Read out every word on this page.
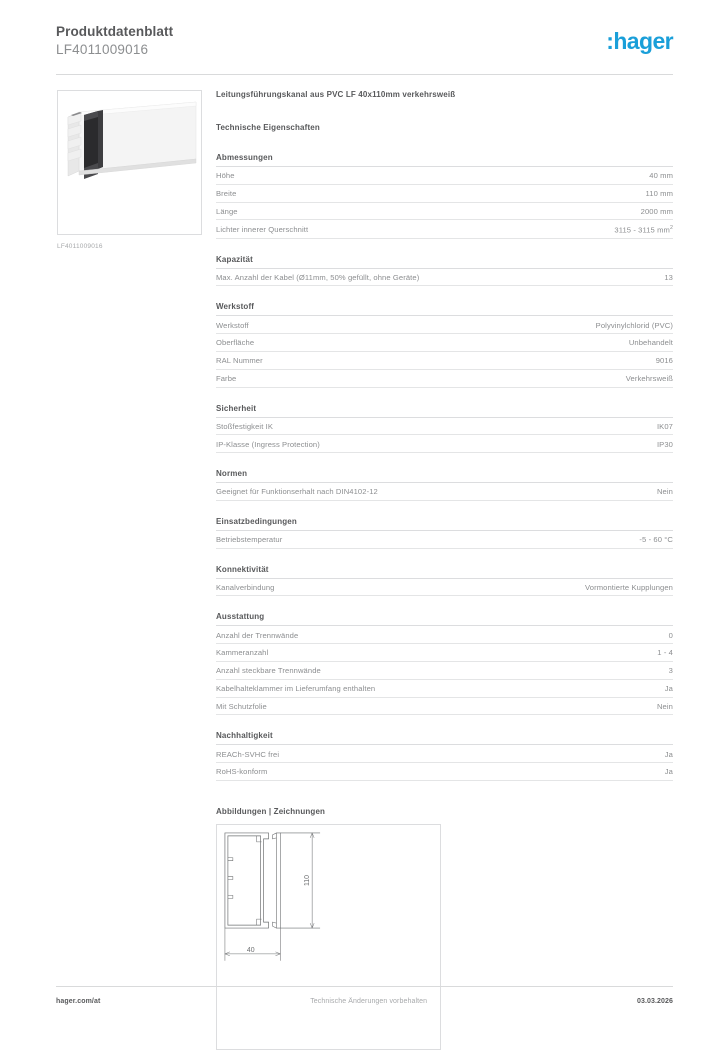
Produktdatenblatt
LF4011009016	:hager
LF4011009016
Leitungsführungskanal aus PVC LF 40x110mm verkehrsweiß
Technische Eigenschaften
Abmessungen
Höhe	40 mm
Breite	110 mm
Länge	2000 mm
Lichter innerer Querschnitt	3115 - 3115 $mm^2$
Kapazität
Max. Anzahl der Kabel (Ø11mm, 50% gefüllt, ohne Geräte)	13
Werkstoff
Werkstoff	Polyvinylchlorid (PVC)
Oberfläche	Unbehandelt
RAL Nummer	9016
Farbe	Verkehrsweiß
Sicherheit
Stoßfestigkeit IK	IK07
IP-Klasse (Ingress Protection)	IP30
Normen
Geeignet für Funktionserhalt nach DIN4102-12	Nein
Einsatzbedingungen
Betriebstemperatur	-5 - 60 °C
Konnektivität
Kanalverbindung	Vormontierte Kupplungen
Ausstattung
Anzahl der Trennwände	0
Kammeranzahl	1 - 4
Anzahl steckbare Trennwände	3
Kabelhalteklammer im Lieferumfang enthalten	Ja
Mit Schutzfolie	Nein
Nachhaltigkeit
REACh-SVHC frei	Ja
RoHS-konform	Ja
Abbildungen | Zeichnungen
110
40
hager.com/at	Technische Änderungen vorbehalten	03.03.2026
